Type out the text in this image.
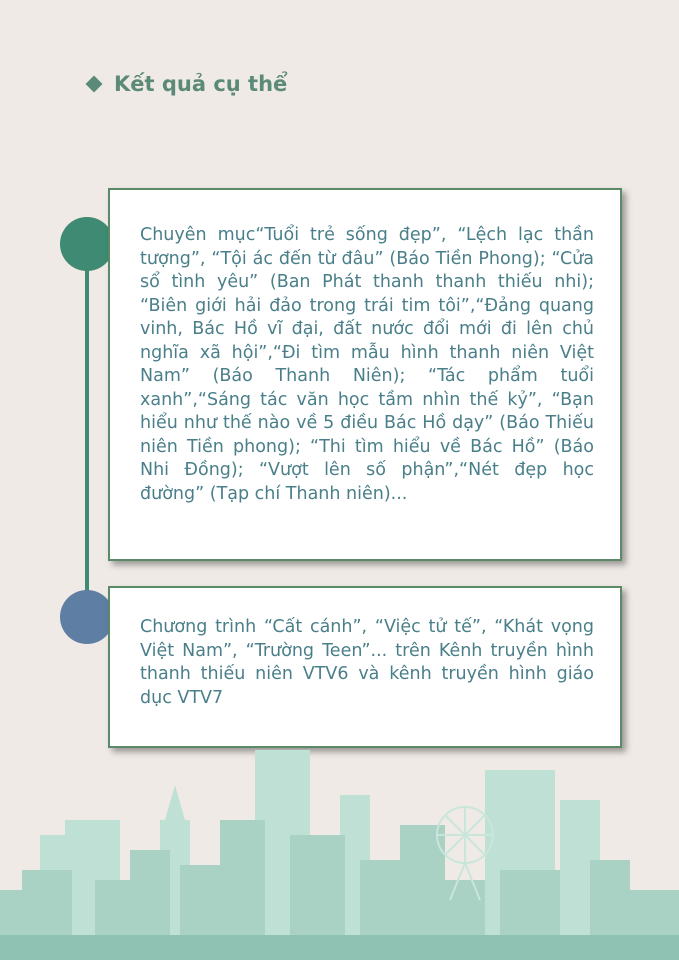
Kết quả cụ thể
Chuyên mục“Tuổi trẻ sống đẹp”, “Lệch lạc thần tượng”, “Tội ác đến từ đâu” (Báo Tiền Phong); “Cửa sổ tình yêu” (Ban Phát thanh thanh thiếu nhi); “Biên giới hải đảo trong trái tim tôi”,“Đảng quang vinh, Bác Hồ vĩ đại, đất nước đổi mới đi lên chủ nghĩa xã hội”,“Đi tìm mẫu hình thanh niên Việt Nam” (Báo Thanh Niên); “Tác phẩm tuổi xanh”,“Sáng tác văn học tầm nhìn thế kỷ”, “Bạn hiểu như thế nào về 5 điều Bác Hồ dạy” (Báo Thiếu niên Tiền phong); “Thi tìm hiểu về Bác Hồ” (Báo Nhi Đồng); “Vượt lên số phận”,“Nét đẹp học đường” (Tạp chí Thanh niên)...
Chương trình “Cất cánh”, “Việc tử tế”, “Khát vọng Việt Nam”, “Trường Teen”... trên Kênh truyền hình thanh thiếu niên VTV6 và kênh truyền hình giáo dục VTV7
